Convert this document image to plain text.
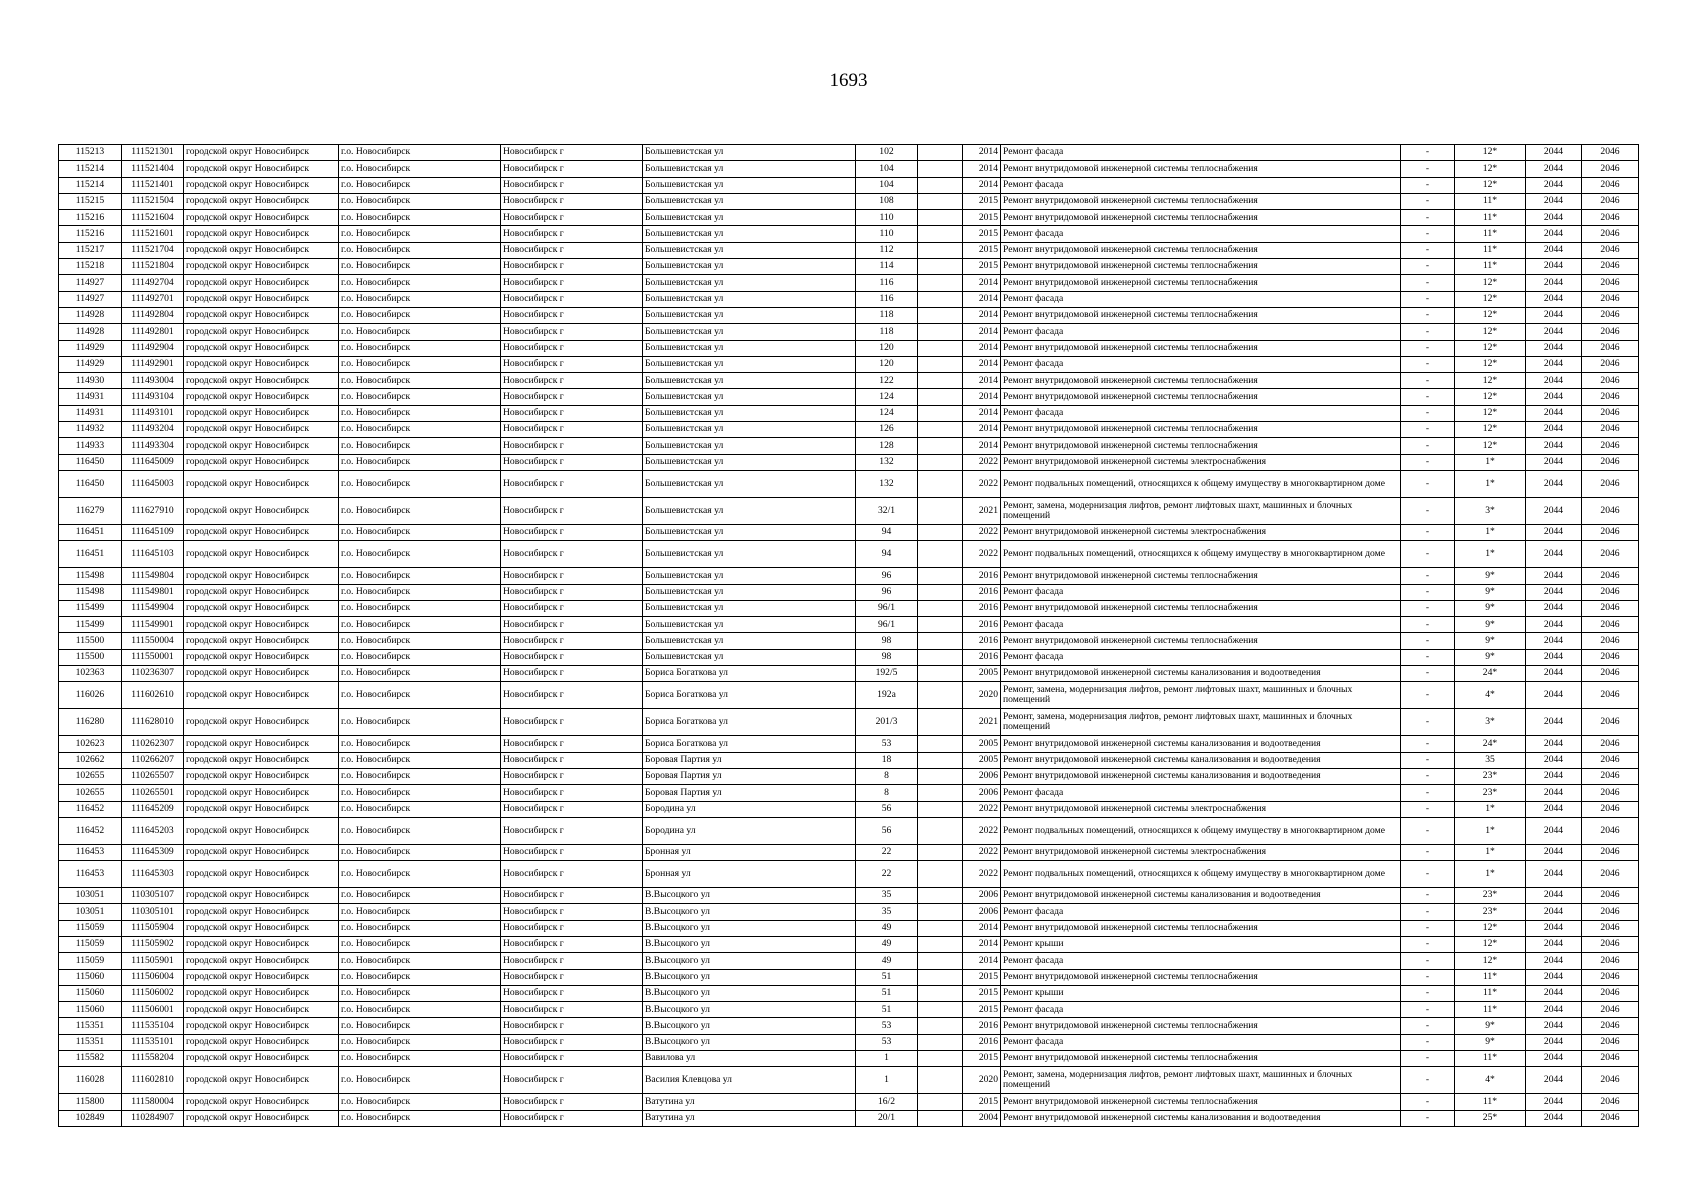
1693
115213	111521301	городской округ Новосибирск	г.о. Новосибирск	Новосибирск г	Большевистская ул	102		2014	Ремонт фасада	-	12*	2044	2046
115214	111521404	городской округ Новосибирск	г.о. Новосибирск	Новосибирск г	Большевистская ул	104		2014	Ремонт внутридомовой инженерной системы теплоснабжения	-	12*	2044	2046
115214	111521401	городской округ Новосибирск	г.о. Новосибирск	Новосибирск г	Большевистская ул	104		2014	Ремонт фасада	-	12*	2044	2046
115215	111521504	городской округ Новосибирск	г.о. Новосибирск	Новосибирск г	Большевистская ул	108		2015	Ремонт внутридомовой инженерной системы теплоснабжения	-	11*	2044	2046
115216	111521604	городской округ Новосибирск	г.о. Новосибирск	Новосибирск г	Большевистская ул	110		2015	Ремонт внутридомовой инженерной системы теплоснабжения	-	11*	2044	2046
115216	111521601	городской округ Новосибирск	г.о. Новосибирск	Новосибирск г	Большевистская ул	110		2015	Ремонт фасада	-	11*	2044	2046
115217	111521704	городской округ Новосибирск	г.о. Новосибирск	Новосибирск г	Большевистская ул	112		2015	Ремонт внутридомовой инженерной системы теплоснабжения	-	11*	2044	2046
115218	111521804	городской округ Новосибирск	г.о. Новосибирск	Новосибирск г	Большевистская ул	114		2015	Ремонт внутридомовой инженерной системы теплоснабжения	-	11*	2044	2046
114927	111492704	городской округ Новосибирск	г.о. Новосибирск	Новосибирск г	Большевистская ул	116		2014	Ремонт внутридомовой инженерной системы теплоснабжения	-	12*	2044	2046
114927	111492701	городской округ Новосибирск	г.о. Новосибирск	Новосибирск г	Большевистская ул	116		2014	Ремонт фасада	-	12*	2044	2046
114928	111492804	городской округ Новосибирск	г.о. Новосибирск	Новосибирск г	Большевистская ул	118		2014	Ремонт внутридомовой инженерной системы теплоснабжения	-	12*	2044	2046
114928	111492801	городской округ Новосибирск	г.о. Новосибирск	Новосибирск г	Большевистская ул	118		2014	Ремонт фасада	-	12*	2044	2046
114929	111492904	городской округ Новосибирск	г.о. Новосибирск	Новосибирск г	Большевистская ул	120		2014	Ремонт внутридомовой инженерной системы теплоснабжения	-	12*	2044	2046
114929	111492901	городской округ Новосибирск	г.о. Новосибирск	Новосибирск г	Большевистская ул	120		2014	Ремонт фасада	-	12*	2044	2046
114930	111493004	городской округ Новосибирск	г.о. Новосибирск	Новосибирск г	Большевистская ул	122		2014	Ремонт внутридомовой инженерной системы теплоснабжения	-	12*	2044	2046
114931	111493104	городской округ Новосибирск	г.о. Новосибирск	Новосибирск г	Большевистская ул	124		2014	Ремонт внутридомовой инженерной системы теплоснабжения	-	12*	2044	2046
114931	111493101	городской округ Новосибирск	г.о. Новосибирск	Новосибирск г	Большевистская ул	124		2014	Ремонт фасада	-	12*	2044	2046
114932	111493204	городской округ Новосибирск	г.о. Новосибирск	Новосибирск г	Большевистская ул	126		2014	Ремонт внутридомовой инженерной системы теплоснабжения	-	12*	2044	2046
114933	111493304	городской округ Новосибирск	г.о. Новосибирск	Новосибирск г	Большевистская ул	128		2014	Ремонт внутридомовой инженерной системы теплоснабжения	-	12*	2044	2046
116450	111645009	городской округ Новосибирск	г.о. Новосибирск	Новосибирск г	Большевистская ул	132		2022	Ремонт внутридомовой инженерной системы электроснабжения	-	1*	2044	2046
116450	111645003	городской округ Новосибирск	г.о. Новосибирск	Новосибирск г	Большевистская ул	132		2022	Ремонт подвальных помещений, относящихся к общему имуществу в многоквартирном доме	-	1*	2044	2046
116279	111627910	городской округ Новосибирск	г.о. Новосибирск	Новосибирск г	Большевистская ул	32/1		2021	Ремонт, замена, модернизация лифтов, ремонт лифтовых шахт, машинных и блочных помещений	-	3*	2044	2046
116451	111645109	городской округ Новосибирск	г.о. Новосибирск	Новосибирск г	Большевистская ул	94		2022	Ремонт внутридомовой инженерной системы электроснабжения	-	1*	2044	2046
116451	111645103	городской округ Новосибирск	г.о. Новосибирск	Новосибирск г	Большевистская ул	94		2022	Ремонт подвальных помещений, относящихся к общему имуществу в многоквартирном доме	-	1*	2044	2046
115498	111549804	городской округ Новосибирск	г.о. Новосибирск	Новосибирск г	Большевистская ул	96		2016	Ремонт внутридомовой инженерной системы теплоснабжения	-	9*	2044	2046
115498	111549801	городской округ Новосибирск	г.о. Новосибирск	Новосибирск г	Большевистская ул	96		2016	Ремонт фасада	-	9*	2044	2046
115499	111549904	городской округ Новосибирск	г.о. Новосибирск	Новосибирск г	Большевистская ул	96/1		2016	Ремонт внутридомовой инженерной системы теплоснабжения	-	9*	2044	2046
115499	111549901	городской округ Новосибирск	г.о. Новосибирск	Новосибирск г	Большевистская ул	96/1		2016	Ремонт фасада	-	9*	2044	2046
115500	111550004	городской округ Новосибирск	г.о. Новосибирск	Новосибирск г	Большевистская ул	98		2016	Ремонт внутридомовой инженерной системы теплоснабжения	-	9*	2044	2046
115500	111550001	городской округ Новосибирск	г.о. Новосибирск	Новосибирск г	Большевистская ул	98		2016	Ремонт фасада	-	9*	2044	2046
102363	110236307	городской округ Новосибирск	г.о. Новосибирск	Новосибирск г	Бориса Богаткова ул	192/5		2005	Ремонт внутридомовой инженерной системы канализования и водоотведения	-	24*	2044	2046
116026	111602610	городской округ Новосибирск	г.о. Новосибирск	Новосибирск г	Бориса Богаткова ул	192а		2020	Ремонт, замена, модернизация лифтов, ремонт лифтовых шахт, машинных и блочных помещений	-	4*	2044	2046
116280	111628010	городской округ Новосибирск	г.о. Новосибирск	Новосибирск г	Бориса Богаткова ул	201/3		2021	Ремонт, замена, модернизация лифтов, ремонт лифтовых шахт, машинных и блочных помещений	-	3*	2044	2046
102623	110262307	городской округ Новосибирск	г.о. Новосибирск	Новосибирск г	Бориса Богаткова ул	53		2005	Ремонт внутридомовой инженерной системы канализования и водоотведения	-	24*	2044	2046
102662	110266207	городской округ Новосибирск	г.о. Новосибирск	Новосибирск г	Боровая Партия ул	18		2005	Ремонт внутридомовой инженерной системы канализования и водоотведения	-	35	2044	2046
102655	110265507	городской округ Новосибирск	г.о. Новосибирск	Новосибирск г	Боровая Партия ул	8		2006	Ремонт внутридомовой инженерной системы канализования и водоотведения	-	23*	2044	2046
102655	110265501	городской округ Новосибирск	г.о. Новосибирск	Новосибирск г	Боровая Партия ул	8		2006	Ремонт фасада	-	23*	2044	2046
116452	111645209	городской округ Новосибирск	г.о. Новосибирск	Новосибирск г	Бородина ул	56		2022	Ремонт внутридомовой инженерной системы электроснабжения	-	1*	2044	2046
116452	111645203	городской округ Новосибирск	г.о. Новосибирск	Новосибирск г	Бородина ул	56		2022	Ремонт подвальных помещений, относящихся к общему имуществу в многоквартирном доме	-	1*	2044	2046
116453	111645309	городской округ Новосибирск	г.о. Новосибирск	Новосибирск г	Бронная ул	22		2022	Ремонт внутридомовой инженерной системы электроснабжения	-	1*	2044	2046
116453	111645303	городской округ Новосибирск	г.о. Новосибирск	Новосибирск г	Бронная ул	22		2022	Ремонт подвальных помещений, относящихся к общему имуществу в многоквартирном доме	-	1*	2044	2046
103051	110305107	городской округ Новосибирск	г.о. Новосибирск	Новосибирск г	В.Высоцкого ул	35		2006	Ремонт внутридомовой инженерной системы канализования и водоотведения	-	23*	2044	2046
103051	110305101	городской округ Новосибирск	г.о. Новосибирск	Новосибирск г	В.Высоцкого ул	35		2006	Ремонт фасада	-	23*	2044	2046
115059	111505904	городской округ Новосибирск	г.о. Новосибирск	Новосибирск г	В.Высоцкого ул	49		2014	Ремонт внутридомовой инженерной системы теплоснабжения	-	12*	2044	2046
115059	111505902	городской округ Новосибирск	г.о. Новосибирск	Новосибирск г	В.Высоцкого ул	49		2014	Ремонт крыши	-	12*	2044	2046
115059	111505901	городской округ Новосибирск	г.о. Новосибирск	Новосибирск г	В.Высоцкого ул	49		2014	Ремонт фасада	-	12*	2044	2046
115060	111506004	городской округ Новосибирск	г.о. Новосибирск	Новосибирск г	В.Высоцкого ул	51		2015	Ремонт внутридомовой инженерной системы теплоснабжения	-	11*	2044	2046
115060	111506002	городской округ Новосибирск	г.о. Новосибирск	Новосибирск г	В.Высоцкого ул	51		2015	Ремонт крыши	-	11*	2044	2046
115060	111506001	городской округ Новосибирск	г.о. Новосибирск	Новосибирск г	В.Высоцкого ул	51		2015	Ремонт фасада	-	11*	2044	2046
115351	111535104	городской округ Новосибирск	г.о. Новосибирск	Новосибирск г	В.Высоцкого ул	53		2016	Ремонт внутридомовой инженерной системы теплоснабжения	-	9*	2044	2046
115351	111535101	городской округ Новосибирск	г.о. Новосибирск	Новосибирск г	В.Высоцкого ул	53		2016	Ремонт фасада	-	9*	2044	2046
115582	111558204	городской округ Новосибирск	г.о. Новосибирск	Новосибирск г	Вавилова ул	1		2015	Ремонт внутридомовой инженерной системы теплоснабжения	-	11*	2044	2046
116028	111602810	городской округ Новосибирск	г.о. Новосибирск	Новосибирск г	Василия Клевцова ул	1		2020	Ремонт, замена, модернизация лифтов, ремонт лифтовых шахт, машинных и блочных помещений	-	4*	2044	2046
115800	111580004	городской округ Новосибирск	г.о. Новосибирск	Новосибирск г	Ватутина ул	16/2		2015	Ремонт внутридомовой инженерной системы теплоснабжения	-	11*	2044	2046
102849	110284907	городской округ Новосибирск	г.о. Новосибирск	Новосибирск г	Ватутина ул	20/1		2004	Ремонт внутридомовой инженерной системы канализования и водоотведения	-	25*	2044	2046
